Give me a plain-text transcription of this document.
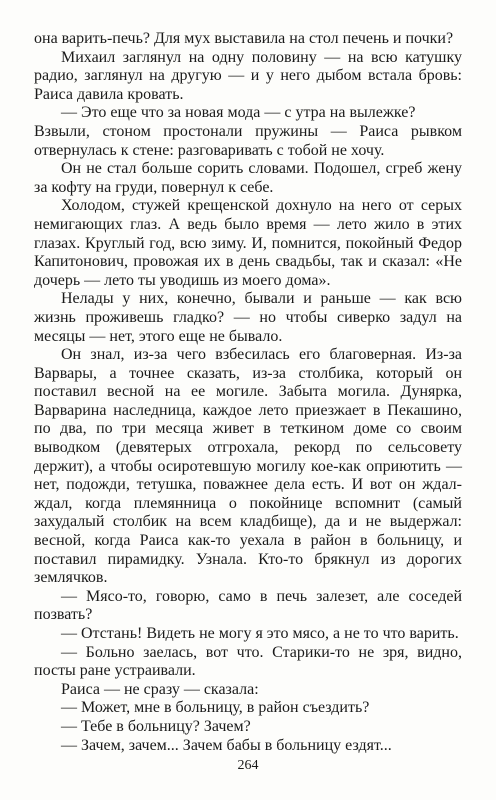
она варить-печь? Для мух выставила на стол печень и почки?

Михаил заглянул на одну половину — на всю катушку радио, заглянул на другую — и у него дыбом встала бровь: Раиса давила кровать.

— Это еще что за новая мода — с утра на вылежке?

Взвыли, стоном простонали пружины — Раиса рывком отвернулась к стене: разговаривать с тобой не хочу.

Он не стал больше сорить словами. Подошел, сгреб жену за кофту на груди, повернул к себе.

Холодом, стужей крещенской дохнуло на него от серых немигающих глаз. А ведь было время — лето жило в этих глазах. Круглый год, всю зиму. И, помнится, покойный Федор Капитонович, провожая их в день свадьбы, так и сказал: «Не дочерь — лето ты уводишь из моего дома».

Нелады у них, конечно, бывали и раньше — как всю жизнь проживешь гладко? — но чтобы сиверко задул на месяцы — нет, этого еще не бывало.

Он знал, из-за чего взбесилась его благоверная. Из-за Варвары, а точнее сказать, из-за столбика, который он поставил весной на ее могиле. Забыта могила. Дунярка, Варварина наследница, каждое лето приезжает в Пекашино, по два, по три месяца живет в теткином доме со своим выводком (девятерых отгрохала, рекорд по сельсовету держит), а чтобы осиротевшую могилу кое-как оприютить — нет, подожди, тетушка, поважнее дела есть. И вот он ждал-ждал, когда племянница о покойнице вспомнит (самый захудалый столбик на всем кладбище), да и не выдержал: весной, когда Раиса как-то уехала в район в больницу, и поставил пирамидку. Узнала. Кто-то брякнул из дорогих землячков.

— Мясо-то, говорю, само в печь залезет, але соседей позвать?

— Отстань! Видеть не могу я это мясо, а не то что варить.

— Больно заелась, вот что. Старики-то не зря, видно, посты ране устраивали.

Раиса — не сразу — сказала:

— Может, мне в больницу, в район съездить?

— Тебе в больницу? Зачем?

— Зачем, зачем... Зачем бабы в больницу ездят...

264
